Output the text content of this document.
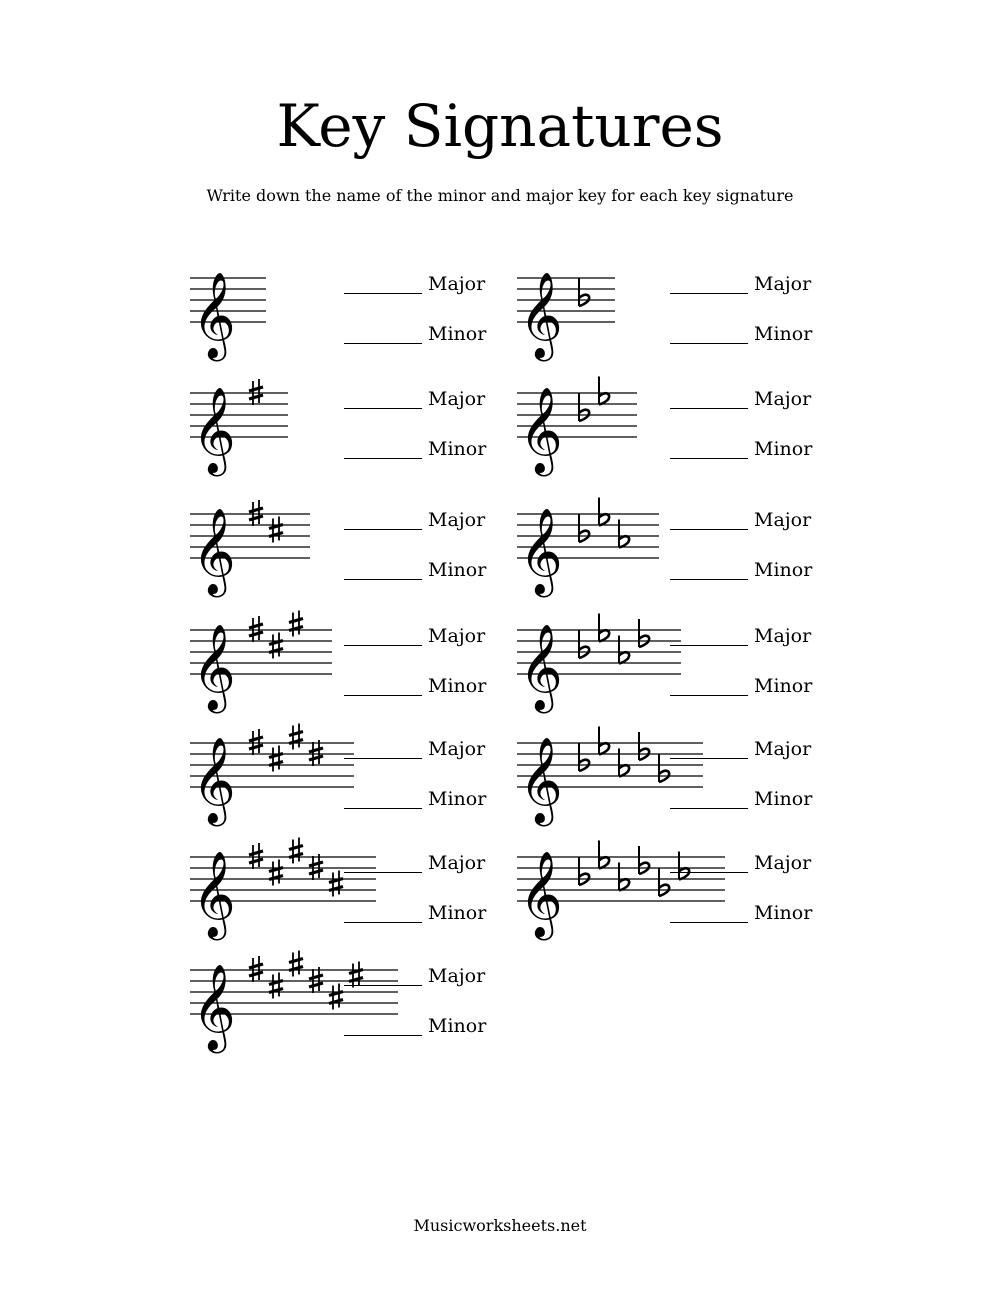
Key Signatures
Write down the name of the minor and major key for each key signature
𝄞	Major
Minor
𝄞	Major
Minor
𝄞	Major
Minor
𝄞	Major
Minor
𝄞	Major
Minor
𝄞	Major
Minor
𝄞	Major
Minor
𝄞	Major
Minor
𝄞	Major
Minor
𝄞	Major
Minor
𝄞	Major
Minor
𝄞	Major
Minor
𝄞	Major
Minor
Musicworksheets.net
